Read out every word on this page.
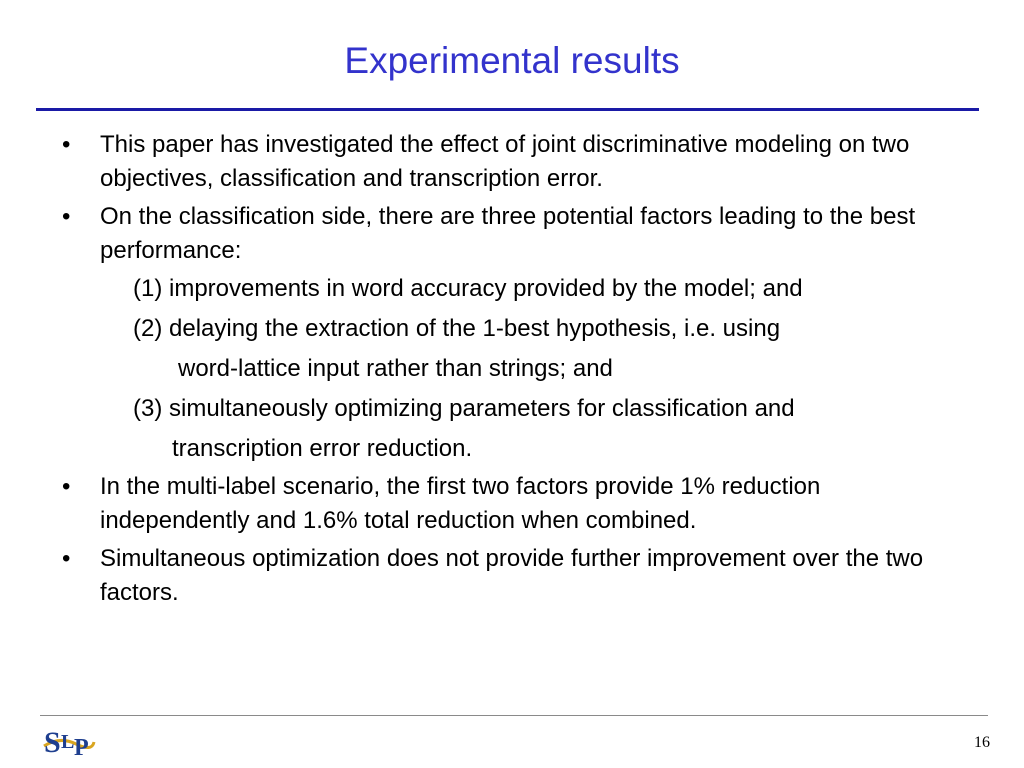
Experimental results
•	This paper has investigated the effect of joint discriminative modeling on two objectives, classification and transcription error.
•	On the classification side, there are three potential factors leading to the best performance:
(1) improvements in word accuracy provided by the model; and
(2) delaying the extraction of the 1-best hypothesis, i.e. using
word-lattice input rather than strings; and
(3) simultaneously optimizing parameters for classification and
transcription error reduction.
•	In the multi-label scenario, the first two factors provide 1% reduction independently and 1.6% total reduction when combined.
•	Simultaneous optimization does not provide further improvement over the two factors.
S L P	16
